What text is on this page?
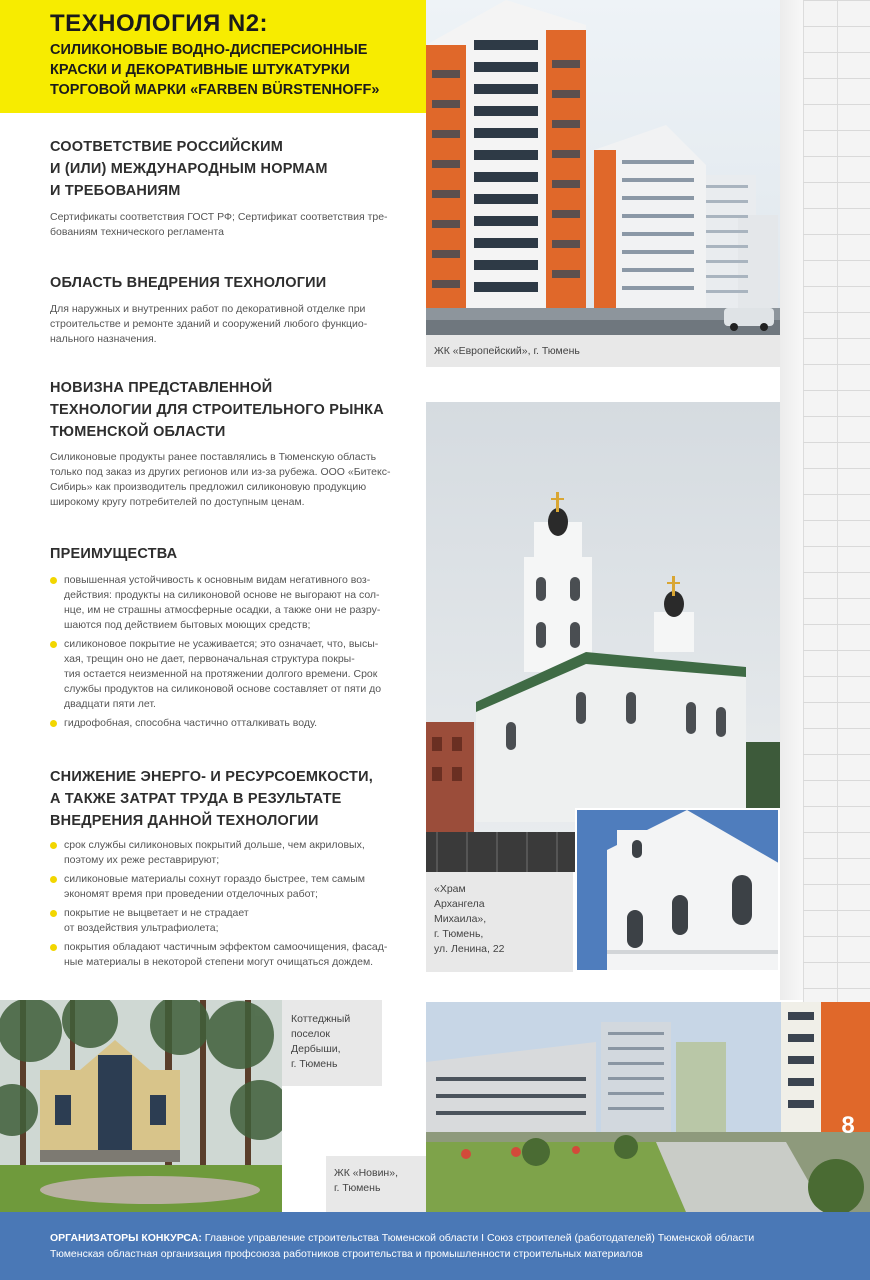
ТЕХНОЛОГИЯ N2:
СИЛИКОНОВЫЕ ВОДНО-ДИСПЕРСИОННЫЕ КРАСКИ И ДЕКОРАТИВНЫЕ ШТУКАТУРКИ ТОРГОВОЙ МАРКИ «FARBEN BÜRSTENHOFF»
СООТВЕТСТВИЕ РОССИЙСКИМ
И (ИЛИ) МЕЖДУНАРОДНЫМ НОРМАМ
И ТРЕБОВАНИЯМ
Сертификаты соответствия ГОСТ РФ; Сертификат соответствия тре-
бованиям технического регламента
ОБЛАСТЬ ВНЕДРЕНИЯ ТЕХНОЛОГИИ
Для наружных и внутренних работ по декоративной отделке при
строительстве и ремонте зданий и сооружений любого функцио-
нального назначения.
НОВИЗНА ПРЕДСТАВЛЕННОЙ
ТЕХНОЛОГИИ ДЛЯ СТРОИТЕЛЬНОГО РЫНКА
ТЮМЕНСКОЙ ОБЛАСТИ
Силиконовые продукты ранее поставлялись в Тюменскую область
только под заказ из других регионов или из-за рубежа. ООО «Битекс-
Сибирь» как производитель предложил силиконовую продукцию
широкому кругу потребителей по доступным ценам.
ПРЕИМУЩЕСТВА
повышенная устойчивость к основным видам негативного воз-
действия: продукты на силиконовой основе не выгорают на сол-
нце, им не страшны атмосферные осадки, а также они не разру-
шаются под действием бытовых моющих средств;
силиконовое покрытие не усаживается; это означает, что, высы-
хая, трещин оно не дает, первоначальная структура покры-
тия остается неизменной на протяжении долгого времени. Срок
службы продуктов на силиконовой основе составляет от пяти до
двадцати пяти лет.
гидрофобная, способна частично отталкивать воду.
СНИЖЕНИЕ ЭНЕРГО- И РЕСУРСОЕМКОСТИ,
А ТАКЖЕ ЗАТРАТ ТРУДА В РЕЗУЛЬТАТЕ
ВНЕДРЕНИЯ ДАННОЙ ТЕХНОЛОГИИ
срок службы силиконовых покрытий дольше, чем акриловых,
поэтому их реже реставрируют;
силиконовые материалы сохнут гораздо быстрее, тем самым
экономят время при проведении отделочных работ;
покрытие не выцветает и не страдает
от воздействия ультрафиолета;
покрытия обладают частичным эффектом самоочищения, фасад-
ные материалы в некоторой степени могут очищаться дождем.
ЖК «Европейский», г. Тюмень
«Храм
Архангела
Михаила»,
г. Тюмень,
ул. Ленина, 22
Коттеджный
поселок
Дербыши,
г. Тюмень
ЖК «Новин»,
г. Тюмень
8
ОРГАНИЗАТОРЫ КОНКУРСА: Главное управление строительства Тюменской области I Союз строителей (работодателей) Тюменской области
Тюменская областная организация профсоюза работников строительства и промышленности строительных материалов
